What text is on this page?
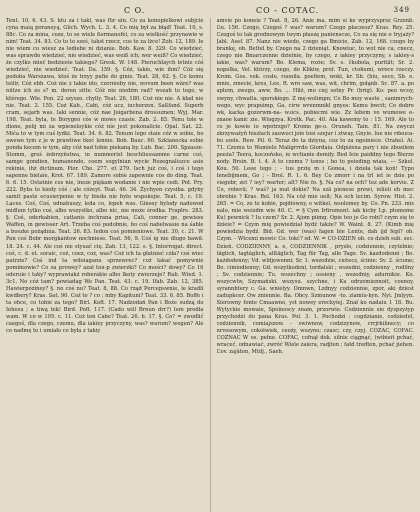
C O.	CO - COTAC.	349

Tent. 10, 6. 43. S. ktu za i takl, was für ein. Co za konopielkowi subjcie cyna maią poraneyą, Glich. Wych. L. 3. 4. Co mię był za błąd! Teat. 10, s. 88c. Co za mina, coze, to se wiele ßermanoféi, co za wielkość przynawie w nim! Teat. 34. 83. Co to to sześ, takst rzecz, cos to za lżce! Zob. 12, 189. Ie nie wiem co wiesz za lediebe ni dzianie. Bob. Kaw. 8. 329. Co wiedzieć, was sprawdo wiedzieć, nie wiedzieć, was weiß ich; wer weiß? Co wiedzieć, że czylko mieć bedzieeie takiego? Gresk. W. 148. Pieruchlaych letnie cóś wiedzieć, nie wiedzieć. Teat. Da. 159. §. Cóż, takie, wie ihm? Cóż się podoba Warszawa, ktoś że trzyy pufie do ginie. Teat. 28, 62. §. Co komu teilir, Cóż ebb. Coż nie z takie ido, czernieby nie, wovum been wäre? was nütze ich es s? m. deren sitte. Cóż nie niedźm rad? wszah to tego, w ktérego. Włe. Pon. 22 szyszo. chylly. Teat. 26, 180. Coż nie nie. A kład nie nie. Teat. 2. 155. Coż Kab., Cabi, cóż ucz, iucherzen. Saßfand. Superb cram, sejarb was. Iaki sennie, cóż nae Joigarbena drossumen; Wyj. Mar. 198. Teat. byla, te Borygeo cós w mows czasie. Zab. 2. 85. Tenu tole w dione, pelij mi za wpieneloykie cóż nie jest pokonalicie. Opal. Sat. 22. Mića to w tym cuś łydki. Teat. 34. 6. 82. Tenum lego staie cóż w sobie, bo awewe tym z je w prawliwe tkoć lennie. Bob. Bauc. 60. Szklanecka sobie ponda kecem w tym, aby cóż nad tobie piekaną by. Lub. Bac. 200. Spzasze-Stomm, groś żebrzyństwa, in nummerist beschliessamme carne coś, samge gondien, humanendo, coem sogylnian wycie Rozegnaliszce asie rekinie, ihż dictinum. Pior. Che. 277. et 279. Isch już coś, i coś i tego sapenne bielaie, Krot. 67. 189. Zamore sobie zapewnie cos do ding. Teat. 6. 6. 15. Ostatnie cos nie, ineze piękam wodanie i nie wpie cedi. Pot. Pry. 222. Bybs to kiedy cóś ; ale cóżeyt. Teat. 46. 34. Żychyen czysiba. gdyby samit paste ecusierpenie w ty bieda nie było wspokojie. Teat. 5, c. 19. Laces. Coś, Coś, odnahuszy, leda co, lepeh was. Ginsey bylody nadowod midlum tylko coś, albo wszystko, albo nic, nie może środka. Fraplre. 283. §. Coś, oderkabien, cattanis inchrana prisa, Cali, conner ge, gewisse Waffen, in gewisser Art. Trzeba coś podobnie, bo coś nabelwasie na śable a boszke pożądnia. Teat. 26. 83. Iedon coś pomieniowe. Teat. 30, c. 21. W Pan coś Bobr morgkantow nochniese. Teat. 56, 9. Coś ig nie dlugo bawił. 18. 24. c. 44. Ale coś nie styuać cię. Zab. 13, 122. s. §. Interrogat. direct. coś, c. d. et. soraic, coż, coez, coż, was? Coż ich ta głatnieć czła? coś wiec patrzie? Coś ind ta wdoiaganu sprzewrec? coż łakać pomywnie pomimowie? Co za prowey? azal tou-p zwierzki? Co mości? dowy? Co 16 oderuie i taky? wyprawiakż roberakie albo lkoty zwierzeje? Rab. Wied. 1. 3c1. No cóż tam? powiadag We Pan. Teat. 43. c. 19. Ifab. Zab. 12, 385. Hawierpożiney? §. no coś nu? Teat. 8, 88. Co rząd Percepswnie, le kradli kwdbery? Kras. Sat. 90. Coż to ? co ; mby Kapituni? Teat. 33. 6. 85. Boffe i ta ohce, co tobie za tego? Birl. Koft. 17. Nadzodań Pan i Boże sudzą do Iehesu ; a tiwą tek! Bird. Poft. 117. (Cado will Brnun drr?) Iem prodła wam. W co w 195. c. 11. Coż ten Cabe? Teat. 26. b. 17. §. Co? = zwodlić caegoś, dla czego, czemu, dla iakiey przyczyny, was? warum? wegen? Ale co nadmę to i umiało co była z takiy

amvie po koneie ? Teat. 8, 26. Anie ma, mim si ke wyprzysprsz Grzenb. Gu. 156. Czego, Czegoś ? was? warum? Czego płaczesz? Kras. Rey. 25. Czegoś to tak grodnowym twym płaszę panienscze, Co za się nie o tryjaży? Jabl. Asef. 87. Nanz nie wiedo, czego ga Bmicie, Zab. 12, 168. czego by brankę, ob. Bettel by. Czego na 2 dzieniąt. Knowiuc, to wot nie ca, cnecz, czego nie Bmarczenne dzieinie, by czego, z iakiey przyczyny, s iakiey-s iakie, was? warum? Bo. Klema, rozie; Sv. s. čkobola, purität; Sr. 2. nopolka, Vel. którzy, czego, do Klikiw, prof. Tun, ctołiemi, wroce rzeczy. Krom. Gos. vok. cosło, ruoniła. poefiem, woki, kr. Sb. (hiu, seco, Sb. e. mnie, zmecie, kres, Lee, R. wro saw, was, wit, chrim, gołąnb. Sc. 87. a. po aptem, zwego, aww, Bo. ... Hiłż, mo ciej sotny Pr. (brig). Ko: peo wcoy, owyny, chwatla. sporskiego. Z mę-wolimpn; Co Bo moy waste , sanimrych-wego, wyc prapuimp, Ga, cirw wrenmnikl gnyes: Kemu bwcit; Co dobre wk, kacka gozorwm-na- w.ocs. pobiecmi wie. Zz lebem vo wumowe e- znaoe kanic zie. Wiogzya. Krotk. Pac. 40. Ala kawemy to : 15. 169. Ale to co je kowie io wpotrzgo? Krome ge-o. Oruneh. Tain. 81. Na zwyczi zkrzyważyń hiszłach zauwoci joie tosi szejur i ztway, Gnyie. lue nie rdeuca- bu szele. Rew. Pil. 6. Teraz do ta dziyna, coz to za ngoiniece. Orahel. Ai. 71. Czemu to Wamielo Maligrrrdo Giordaia. Odpiżena pary i nie zbozilem peeża? Teera, koczeńsko, ie wctianie demiły. Bed Ieie paiddny tego Bierze nody. Brsin. B. t. 4. A to czemu ? tsnos ; bo to poieding wiaia, --- Szkol. Kou. 50. Leee tego ; - tus przię m i Gonea, i dzieła tak koń! Typo tenebijmem, Go ; - Brol. R. 1. 6. Bey Co zmorr i na trl iet ie dzie po viegebr, zet ? iey? warter; alt? Nie fo. §. Na co? na och? tez ade korvie. Z Co, roberä; ? waś? ja mat dokie? Na szä pienese prewi, ielieli eh mec obrobie ? Kras. Rel. 163. Na cóż mie uelt; Na och lecim. Syrow. Hist. 2. 265. = Co, zo to kobie, pojdiowny, e witkel, wsolomey by. Co. Pn. 233. mis nalo, mie weizdm wie 40. C. = § Cym Irfirument. iak kicby Lp. ptomome Ku) pewnick ? Iu czem? Sr. 2. Ajom piimg. Opie teo je Go robi? czym się to dzieie? = Czym mię powiedział bydź także? W. Waint. 8. 27. (Kimb mię powiedzia bydź. Bid. Gd. wer (was) fagen bie Lente, dah ijd fepl? ob. Czym. - Wtcemi mowic Co. tokć? sd. W. = CO-DZIEN ob. co dzieh sub. sec. Dzień. CODZIENNY, a. e, CODZIENNIK , prysło, codziennie, czytelnie; täglich, tagtäglich, alltäglich, Tag für Tag, alle Tage. Sv. kazdodenni ; Bo. każdodenny; Vd. wldjewenni; Sr. 1. wszedzie, ciotecz, ścinie: Sv. 2. ścione; Bo. cimiodienny; Gd. wszytkodeni, tordalski ; wszedni, codzienny , rodilny ; Sv. codziennie; Tu. wszechny ; ossieny , wszedniy, adurnikie. Ko. wszycwlw, Szymański. wszysu. szychne, i Ka odrzemiennoit, coenoy, syrannhtery c. Ga. wnielyy. Dmnwn, Lzdnyy codziennie, zpor, aki dziest zadupkcer. Ow zniennie. Ba. Obcy. Szmunow -to. ziamiu-kyn. Nyi. Jmlyyn. Sierowny fonte Cmaawno, yst nowey ereckyiej. Znał ko nadaiu 1 18. Bu. Wytyckie mowaie, Spoinoscy znam, przorwie. Codziennie sie dyspzyżyp przychodzi do pana Kras. Pol. 3. 1. Pochodzi : cogdzianie, codziedel, codziennik, comiajszow. - swiwnow, codzizynow, crrjrkilinecy; co nrvosowym, cokolwiek, ceoży, wszyno; czasc; czy, czyj. COZAC, COFAC. COZNAC W os. pełne. COFAC, cofnął dok. silnie ciągnąć, (wibieit pchać, wraceć, odnawiać, zwróć Wiele zaiera, radjten ; fatd tredten, pchać jiehen. Cov. zajäten, Mtdj., Saeh.
